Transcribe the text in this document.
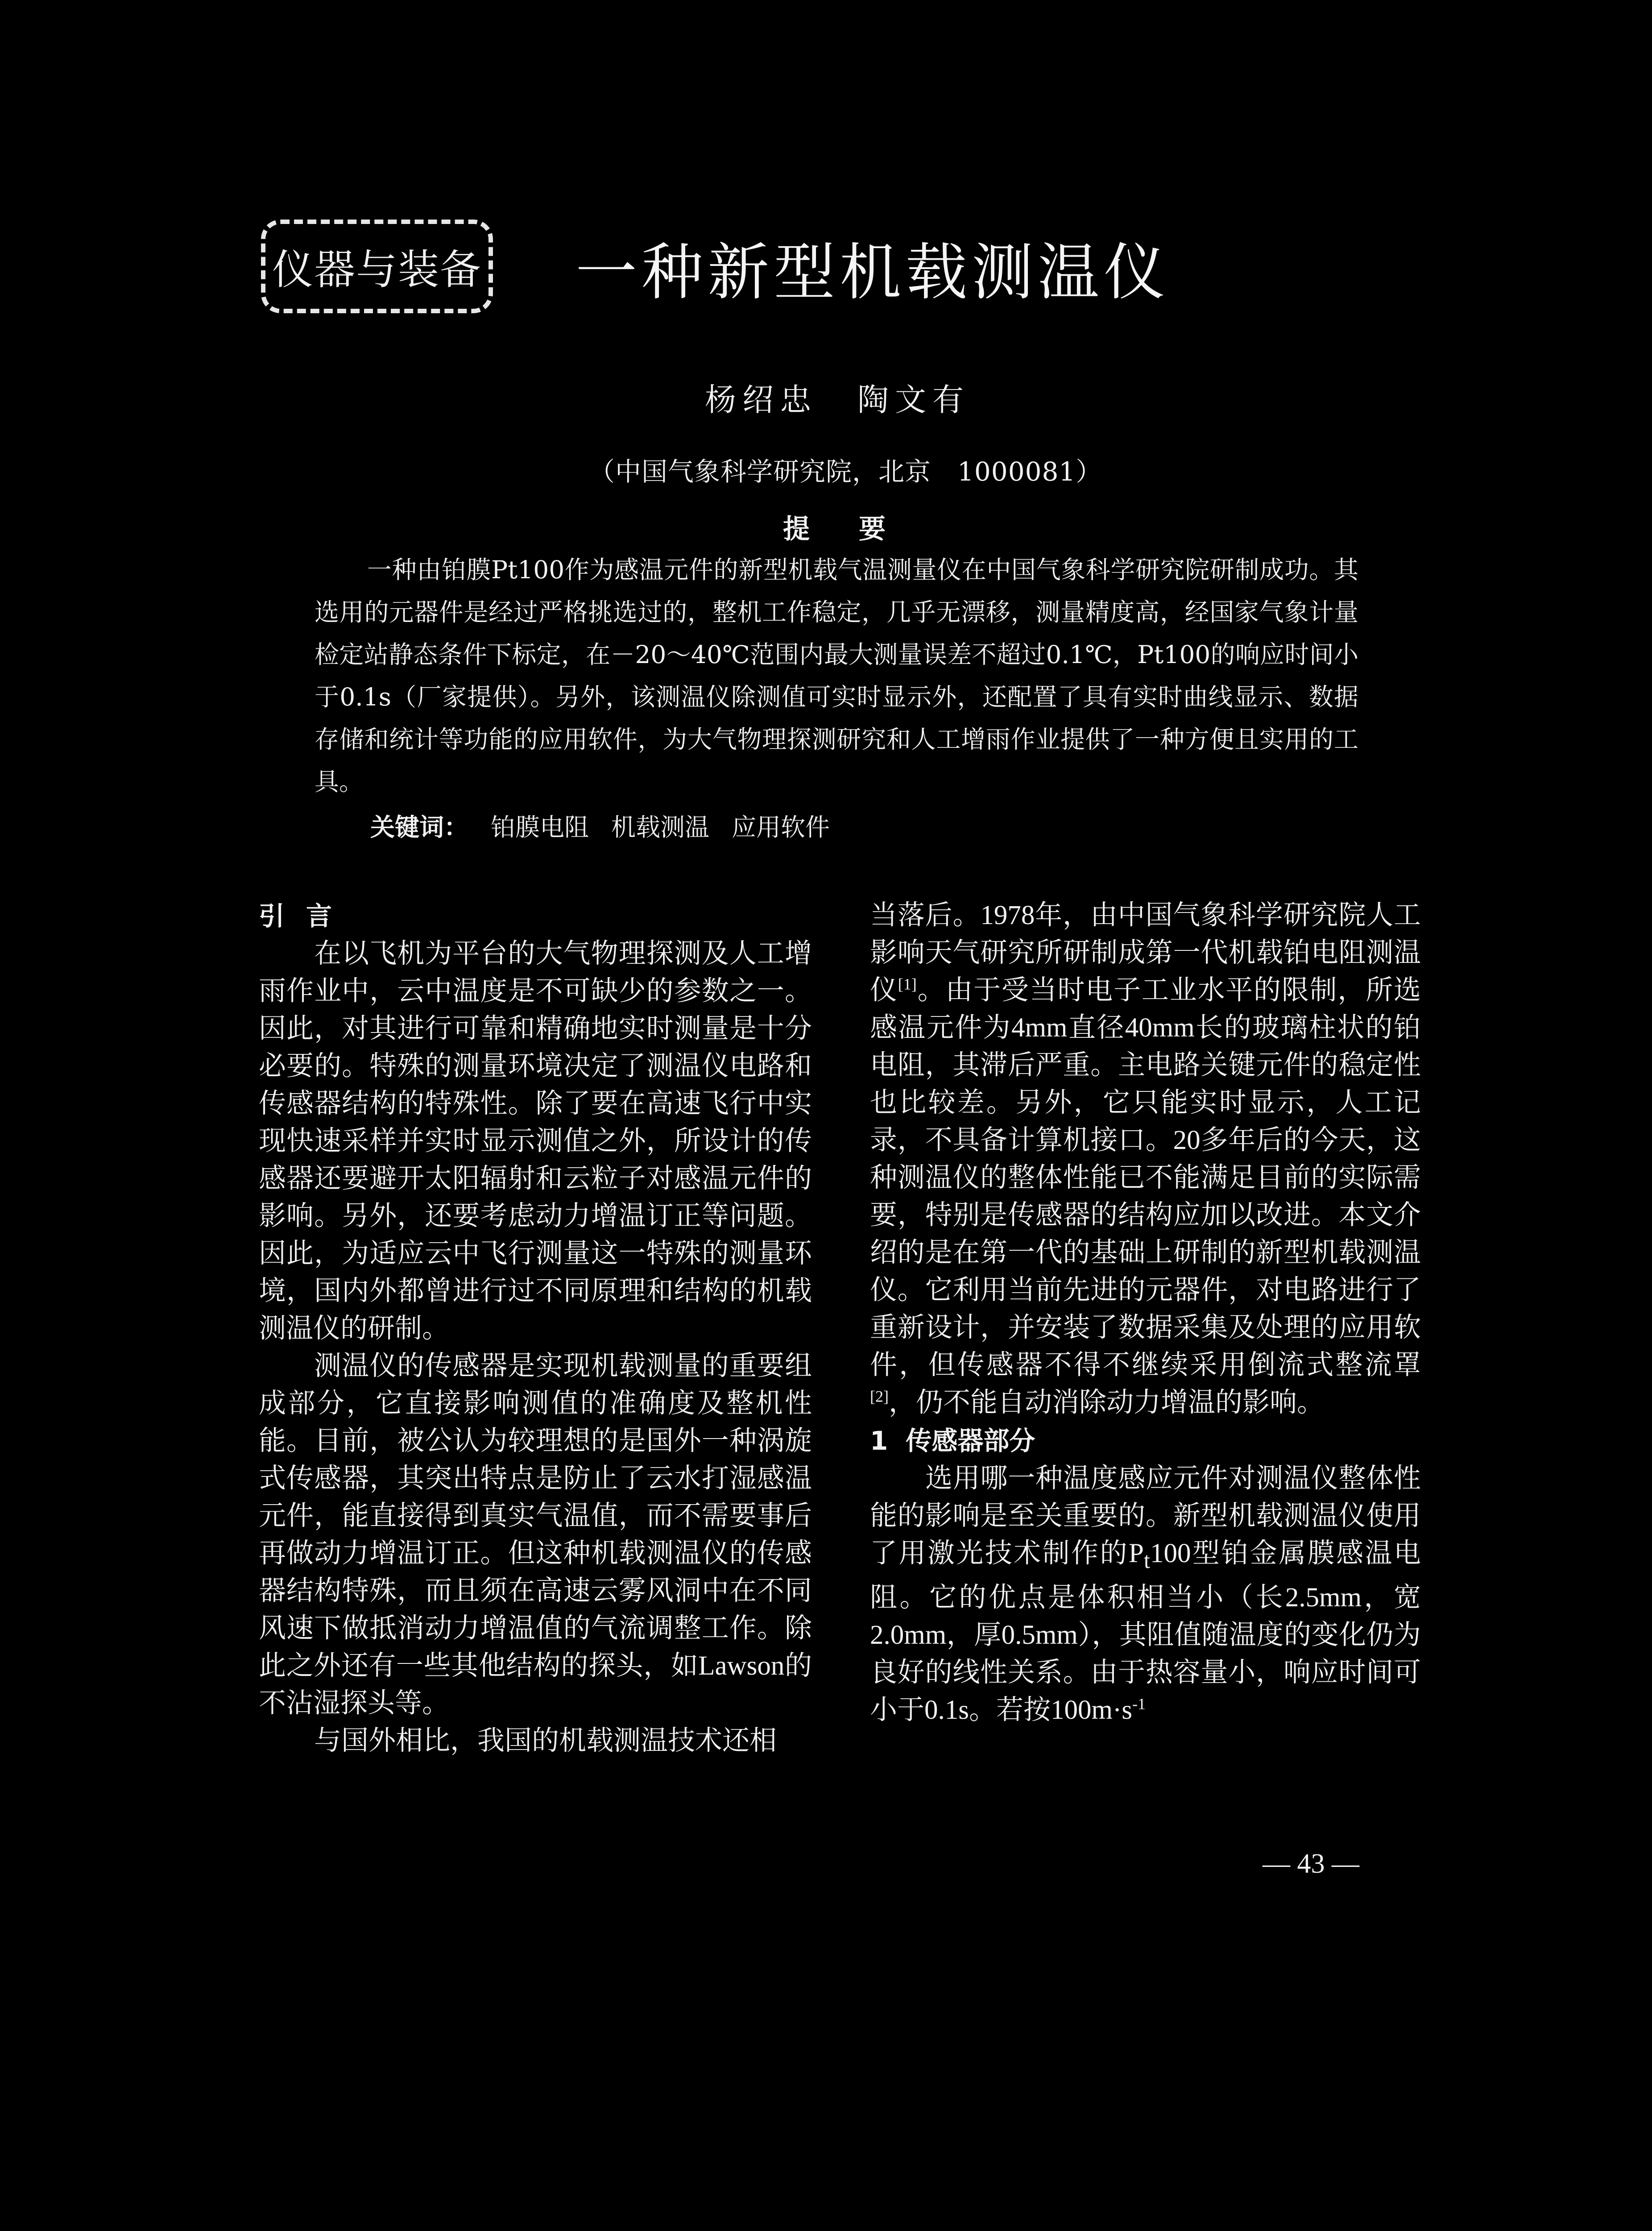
仪器与装备 一种新型机载测温仪
杨绍忠 陶文有
（中国气象科学研究院，北京　1000081）
提要
一种由铂膜Pt100作为感温元件的新型机载气温测量仪在中国气象科学研究院研制成功。其选用的元器件是经过严格挑选过的，整机工作稳定，几乎无漂移，测量精度高，经国家气象计量检定站静态条件下标定，在－20～40℃范围内最大测量误差不超过0.1℃，Pt100的响应时间小于0.1s（厂家提供）。另外，该测温仪除测值可实时显示外，还配置了具有实时曲线显示、数据存储和统计等功能的应用软件，为大气物理探测研究和人工增雨作业提供了一种方便且实用的工具。
关键词： 铂膜电阻 机载测温 应用软件
引言

在以飞机为平台的大气物理探测及人工增雨作业中，云中温度是不可缺少的参数之一。因此，对其进行可靠和精确地实时测量是十分必要的。特殊的测量环境决定了测温仪电路和传感器结构的特殊性。除了要在高速飞行中实现快速采样并实时显示测值之外，所设计的传感器还要避开太阳辐射和云粒子对感温元件的影响。另外，还要考虑动力增温订正等问题。因此，为适应云中飞行测量这一特殊的测量环境，国内外都曾进行过不同原理和结构的机载测温仪的研制。

测温仪的传感器是实现机载测量的重要组成部分，它直接影响测值的准确度及整机性能。目前，被公认为较理想的是国外一种涡旋式传感器，其突出特点是防止了云水打湿感温元件，能直接得到真实气温值，而不需要事后再做动力增温订正。但这种机载测温仪的传感器结构特殊，而且须在高速云雾风洞中在不同风速下做抵消动力增温值的气流调整工作。除此之外还有一些其他结构的探头，如Lawson的不沾湿探头等。

与国外相比，我国的机载测温技术还相

当落后。1978年，由中国气象科学研究院人工影响天气研究所研制成第一代机载铂电阻测温仪[1]。由于受当时电子工业水平的限制，所选感温元件为4mm直径40mm长的玻璃柱状的铂电阻，其滞后严重。主电路关键元件的稳定性也比较差。另外，它只能实时显示，人工记录，不具备计算机接口。20多年后的今天，这种测温仪的整体性能已不能满足目前的实际需要，特别是传感器的结构应加以改进。本文介绍的是在第一代的基础上研制的新型机载测温仪。它利用当前先进的元器件，对电路进行了重新设计，并安装了数据采集及处理的应用软件，但传感器不得不继续采用倒流式整流罩[2]，仍不能自动消除动力增温的影响。

1 传感器部分

选用哪一种温度感应元件对测温仪整体性能的影响是至关重要的。新型机载测温仪使用了用激光技术制作的$P_t100$型铂金属膜感温电阻。它的优点是体积相当小（长2.5mm，宽2.0mm，厚0.5mm），其阻值随温度的变化仍为良好的线性关系。由于热容量小，响应时间可小于0.1s。若按$100m\cdot s^{-1}$

— 43 —
